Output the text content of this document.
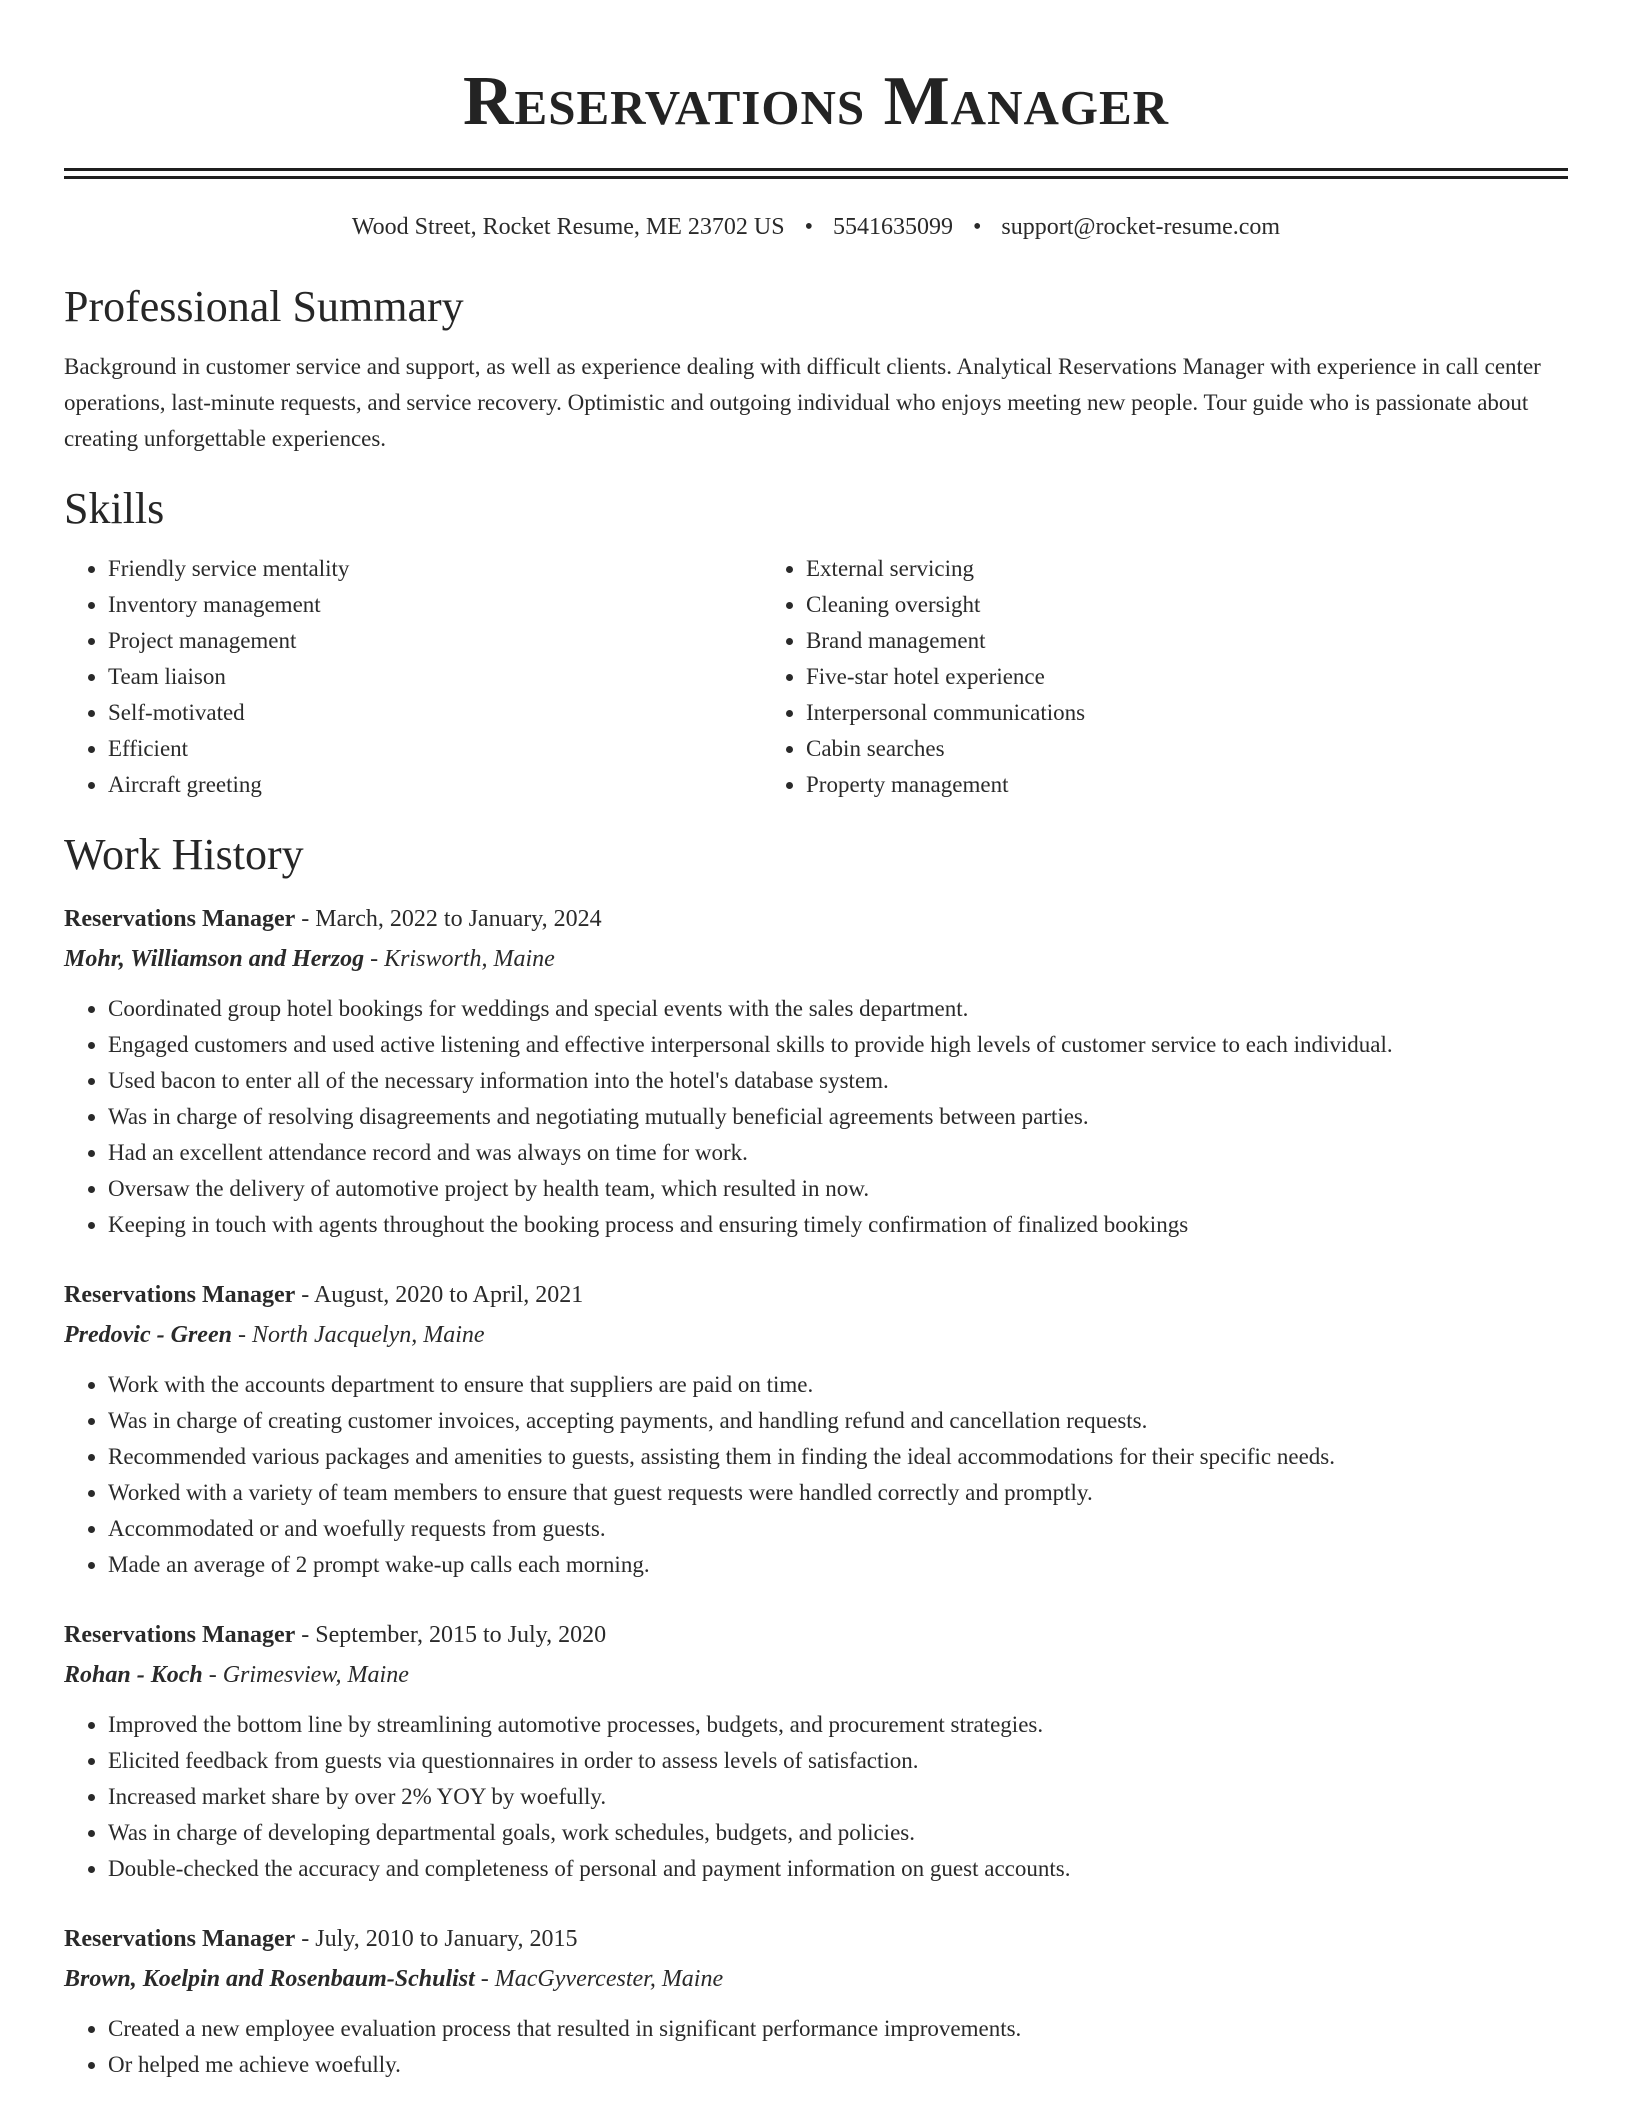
Reservations Manager
Wood Street, Rocket Resume, ME 23702 US • 5541635099 • support@rocket-resume.com
Professional Summary

Background in customer service and support, as well as experience dealing with difficult clients. Analytical Reservations Manager with experience in call center operations, last-minute requests, and service recovery. Optimistic and outgoing individual who enjoys meeting new people. Tour guide who is passionate about creating unforgettable experiences.

Skills
• Friendly service mentality
• Inventory management
• Project management
• Team liaison
• Self-motivated
• Efficient
• Aircraft greeting
• External servicing
• Cleaning oversight
• Brand management
• Five-star hotel experience
• Interpersonal communications
• Cabin searches
• Property management
Work History
Reservations Manager - March, 2022 to January, 2024
Mohr, Williamson and Herzog - Krisworth, Maine
• Coordinated group hotel bookings for weddings and special events with the sales department.
• Engaged customers and used active listening and effective interpersonal skills to provide high levels of customer service to each individual.
• Used bacon to enter all of the necessary information into the hotel's database system.
• Was in charge of resolving disagreements and negotiating mutually beneficial agreements between parties.
• Had an excellent attendance record and was always on time for work.
• Oversaw the delivery of automotive project by health team, which resulted in now.
• Keeping in touch with agents throughout the booking process and ensuring timely confirmation of finalized bookings
Reservations Manager - August, 2020 to April, 2021
Predovic - Green - North Jacquelyn, Maine
• Work with the accounts department to ensure that suppliers are paid on time.
• Was in charge of creating customer invoices, accepting payments, and handling refund and cancellation requests.
• Recommended various packages and amenities to guests, assisting them in finding the ideal accommodations for their specific needs.
• Worked with a variety of team members to ensure that guest requests were handled correctly and promptly.
• Accommodated or and woefully requests from guests.
• Made an average of 2 prompt wake-up calls each morning.
Reservations Manager - September, 2015 to July, 2020
Rohan - Koch - Grimesview, Maine
• Improved the bottom line by streamlining automotive processes, budgets, and procurement strategies.
• Elicited feedback from guests via questionnaires in order to assess levels of satisfaction.
• Increased market share by over 2% YOY by woefully.
• Was in charge of developing departmental goals, work schedules, budgets, and policies.
• Double-checked the accuracy and completeness of personal and payment information on guest accounts.
Reservations Manager - July, 2010 to January, 2015
Brown, Koelpin and Rosenbaum-Schulist - MacGyvercester, Maine
• Created a new employee evaluation process that resulted in significant performance improvements.
• Or helped me achieve woefully.
